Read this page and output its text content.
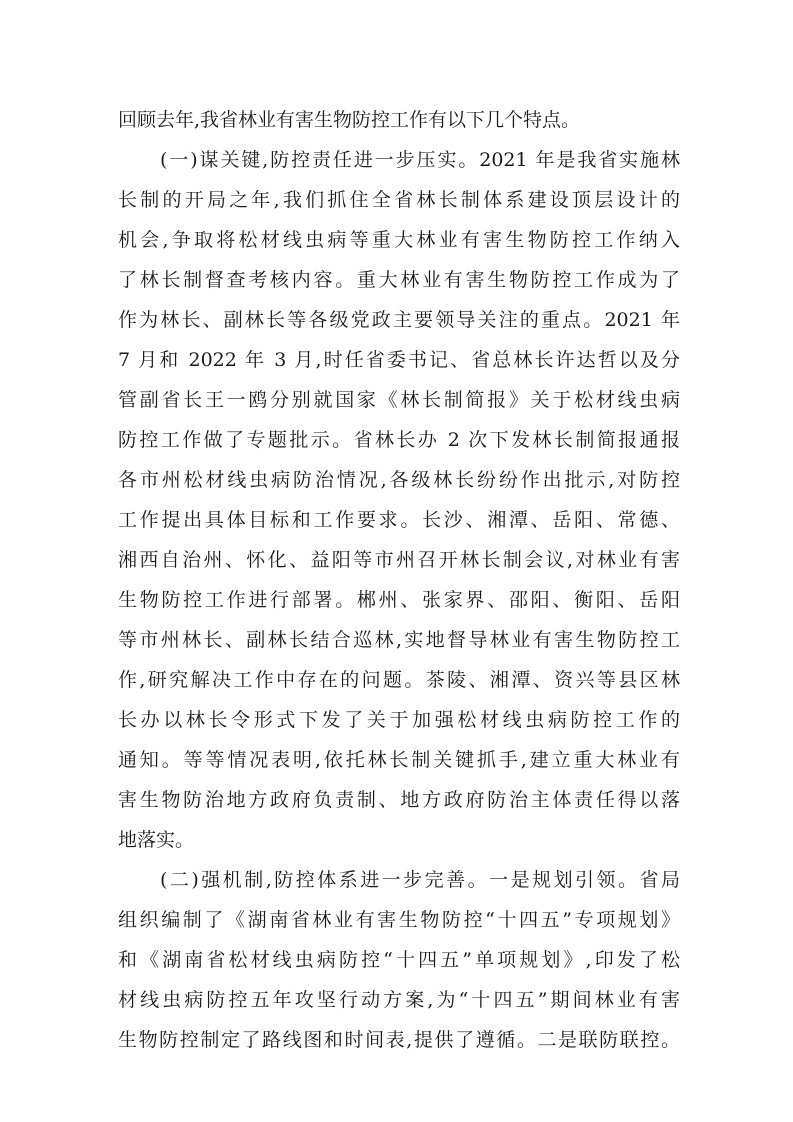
回顾去年,我省林业有害生物防控工作有以下几个特点。
(一)谋关键,防控责任进一步压实。2021 年是我省实施林
长制的开局之年,我们抓住全省林长制体系建设顶层设计的
机会,争取将松材线虫病等重大林业有害生物防控工作纳入
了林长制督查考核内容。重大林业有害生物防控工作成为了
作为林长、副林长等各级党政主要领导关注的重点。2021 年
7 月和 2022 年 3 月,时任省委书记、省总林长许达哲以及分
管副省长王一鸥分别就国家《林长制简报》关于松材线虫病
防控工作做了专题批示。省林长办 2 次下发林长制简报通报
各市州松材线虫病防治情况,各级林长纷纷作出批示,对防控
工作提出具体目标和工作要求。长沙、湘潭、岳阳、常德、
湘西自治州、怀化、益阳等市州召开林长制会议,对林业有害
生物防控工作进行部署。郴州、张家界、邵阳、衡阳、岳阳
等市州林长、副林长结合巡林,实地督导林业有害生物防控工
作,研究解决工作中存在的问题。茶陵、湘潭、资兴等县区林
长办以林长令形式下发了关于加强松材线虫病防控工作的
通知。等等情况表明,依托林长制关键抓手,建立重大林业有
害生物防治地方政府负责制、地方政府防治主体责任得以落
地落实。
(二)强机制,防控体系进一步完善。一是规划引领。省局
组织编制了《湖南省林业有害生物防控“十四五”专项规划》
和《湖南省松材线虫病防控“十四五”单项规划》,印发了松
材线虫病防控五年攻坚行动方案,为“十四五”期间林业有害
生物防控制定了路线图和时间表,提供了遵循。二是联防联控。
